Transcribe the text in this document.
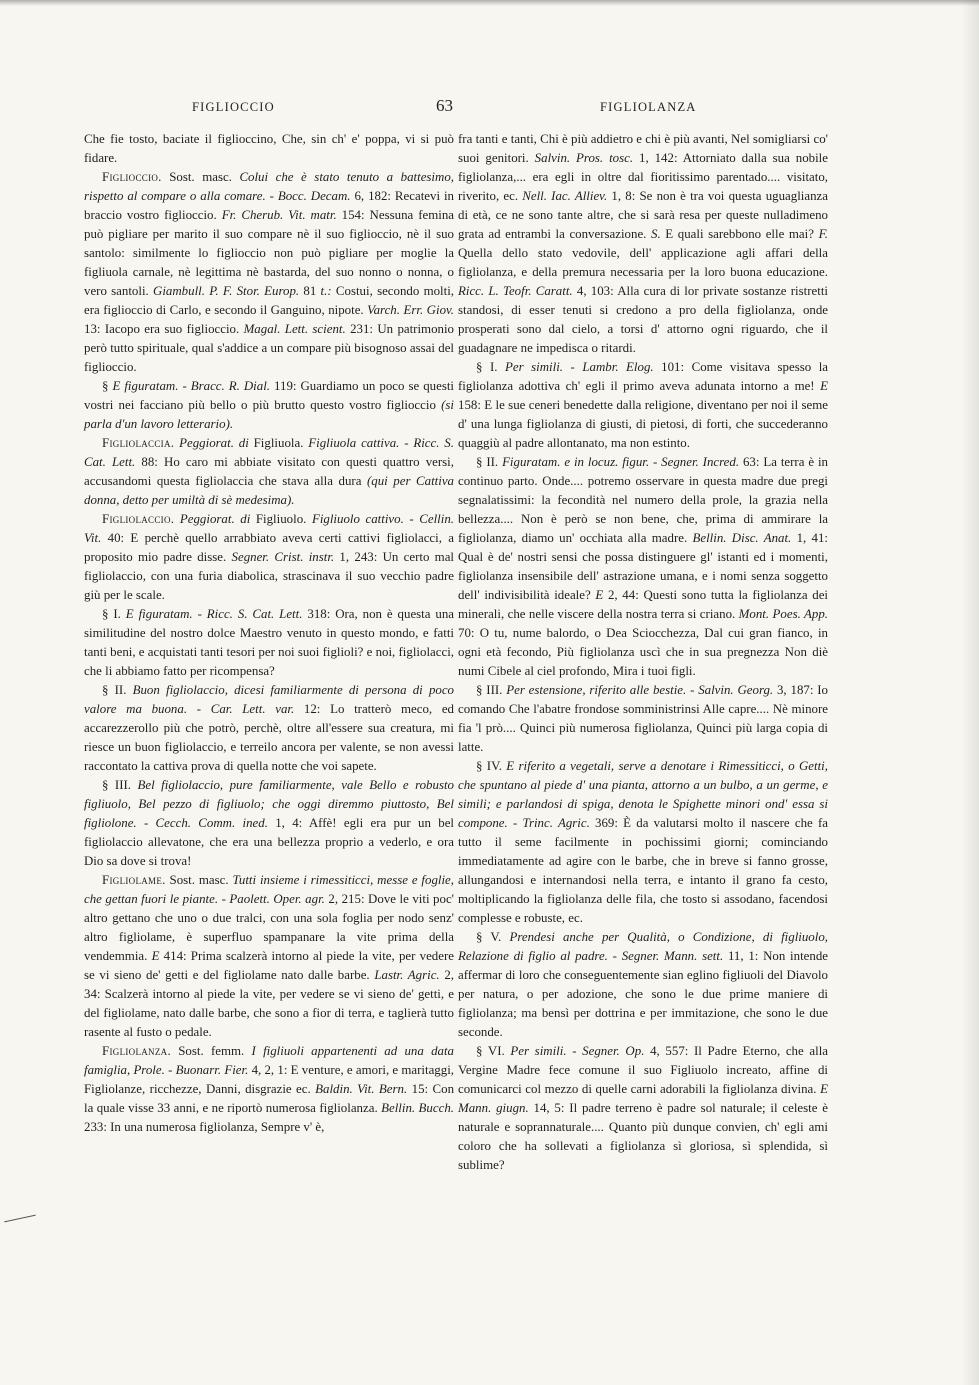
FIGLIOCCIO	63	FIGLIOLANZA

Che fie tosto, baciate il figlioccino, Che, sin ch' e' poppa, vi si può fidare.

Figlioccio. Sost. masc. Colui che è stato tenuto a battesimo, rispetto al compare o alla comare. - Bocc. Decam. 6, 182: Recatevi in braccio vostro figlioccio. Fr. Cherub. Vit. matr. 154: Nessuna femina può pigliare per marito il suo compare nè il suo figlioccio, nè il suo santolo: similmente lo figlioccio non può pigliare per moglie la figliuola carnale, nè legittima nè bastarda, del suo nonno o nonna, o vero santoli. Giambull. P. F. Stor. Europ. 81 t.: Costui, secondo molti, era figlioccio di Carlo, e secondo il Ganguino, nipote. Varch. Err. Giov. 13: Iacopo era suo figlioccio. Magal. Lett. scient. 231: Un patrimonio però tutto spirituale, qual s'addice a un compare più bisognoso assai del figlioccio.

§ E figuratam. - Bracc. R. Dial. 119: Guardiamo un poco se questi vostri nei facciano più bello o più brutto questo vostro figlioccio (si parla d'un lavoro letterario).

Figliolaccia. Peggiorat. di Figliuola. Figliuola cattiva. - Ricc. S. Cat. Lett. 88: Ho caro mi abbiate visitato con questi quattro versi, accusandomi questa figliolaccia che stava alla dura (qui per Cattiva donna, detto per umiltà di sè medesima).

Figliolaccio. Peggiorat. di Figliuolo. Figliuolo cattivo. - Cellin. Vit. 40: E perchè quello arrabbiato aveva certi cattivi figliolacci, a proposito mio padre disse. Segner. Crist. instr. 1, 243: Un certo mal figliolaccio, con una furia diabolica, strascinava il suo vecchio padre giù per le scale.

§ I. E figuratam. - Ricc. S. Cat. Lett. 318: Ora, non è questa una similitudine del nostro dolce Maestro venuto in questo mondo, e fatti tanti beni, e acquistati tanti tesori per noi suoi figlioli? e noi, figliolacci, che li abbiamo fatto per ricompensa?

§ II. Buon figliolaccio, dicesi familiarmente di persona di poco valore ma buona. - Car. Lett. var. 12: Lo tratterò meco, ed accarezzerollo più che potrò, perchè, oltre all'essere sua creatura, mi riesce un buon figliolaccio, e terreilo ancora per valente, se non avessi raccontato la cattiva prova di quella notte che voi sapete.

§ III. Bel figliolaccio, pure familiarmente, vale Bello e robusto figliuolo, Bel pezzo di figliuolo; che oggi diremmo piuttosto, Bel figliolone. - Cecch. Comm. ined. 1, 4: Affè! egli era pur un bel figliolaccio allevatone, che era una bellezza proprio a vederlo, e ora Dio sa dove si trova!

Figliolame. Sost. masc. Tutti insieme i rimessiticci, messe e foglie, che gettan fuori le piante. - Paolett. Oper. agr. 2, 215: Dove le viti poc' altro gettano che uno o due tralci, con una sola foglia per nodo senz' altro figliolame, è superfluo spampanare la vite prima della vendemmia. E 414: Prima scalzerà intorno al piede la vite, per vedere se vi sieno de' getti e del figliolame nato dalle barbe. Lastr. Agric. 2, 34: Scalzerà intorno al piede la vite, per vedere se vi sieno de' getti, e del figliolame, nato dalle barbe, che sono a fior di terra, e taglierà tutto rasente al fusto o pedale.

Figliolanza. Sost. femm. I figliuoli appartenenti ad una data famiglia, Prole. - Buonarr. Fier. 4, 2, 1: E venture, e amori, e maritaggi, Figliolanze, ricchezze, Danni, disgrazie ec. Baldin. Vit. Bern. 15: Con la quale visse 33 anni, e ne riportò numerosa figliolanza. Bellin. Bucch. 233: In una numerosa figliolanza, Sempre v' è,

fra tanti e tanti, Chi è più addietro e chi è più avanti, Nel somigliarsi co' suoi genitori. Salvin. Pros. tosc. 1, 142: Attorniato dalla sua nobile figliolanza,... era egli in oltre dal fioritissimo parentado.... visitato, riverito, ec. Nell. Iac. Alliev. 1, 8: Se non è tra voi questa uguaglianza di età, ce ne sono tante altre, che si sarà resa per queste nulladimeno grata ad entrambi la conversazione. S. E quali sarebbono elle mai? F. Quella dello stato vedovile, dell' applicazione agli affari della figliolanza, e della premura necessaria per la loro buona educazione. Ricc. L. Teofr. Caratt. 4, 103: Alla cura di lor private sostanze ristretti standosi, di esser tenuti si credono a pro della figliolanza, onde prosperati sono dal cielo, a torsi d' attorno ogni riguardo, che il guadagnare ne impedisca o ritardi.

§ I. Per simili. - Lambr. Elog. 101: Come visitava spesso la figliolanza adottiva ch' egli il primo aveva adunata intorno a me! E 158: E le sue ceneri benedette dalla religione, diventano per noi il seme d' una lunga figliolanza di giusti, di pietosi, di forti, che succederanno quaggiù al padre allontanato, ma non estinto.

§ II. Figuratam. e in locuz. figur. - Segner. Incred. 63: La terra è in continuo parto. Onde.... potremo osservare in questa madre due pregi segnalatissimi: la fecondità nel numero della prole, la grazia nella bellezza.... Non è però se non bene, che, prima di ammirare la figliolanza, diamo un' occhiata alla madre. Bellin. Disc. Anat. 1, 41: Qual è de' nostri sensi che possa distinguere gl' istanti ed i momenti, figliolanza insensibile dell' astrazione umana, e i nomi senza soggetto dell' indivisibilità ideale? E 2, 44: Questi sono tutta la figliolanza dei minerali, che nelle viscere della nostra terra si criano. Mont. Poes. App. 70: O tu, nume balordo, o Dea Sciocchezza, Dal cui gran fianco, in ogni età fecondo, Più figliolanza uscì che in sua pregnezza Non diè numi Cibele al ciel profondo, Mira i tuoi figli.

§ III. Per estensione, riferito alle bestie. - Salvin. Georg. 3, 187: Io comando Che l'abatre frondose somministrinsi Alle capre.... Nè minore fia 'l prò.... Quinci più numerosa figliolanza, Quinci più larga copia di latte.

§ IV. E riferito a vegetali, serve a denotare i Rimessiticci, o Getti, che spuntano al piede d' una pianta, attorno a un bulbo, a un germe, e simili; e parlandosi di spiga, denota le Spighette minori ond' essa si compone. - Trinc. Agric. 369: È da valutarsi molto il nascere che fa tutto il seme facilmente in pochissimi giorni; cominciando immediatamente ad agire con le barbe, che in breve si fanno grosse, allungandosi e internandosi nella terra, e intanto il grano fa cesto, moltiplicando la figliolanza delle fila, che tosto si assodano, facendosi complesse e robuste, ec.

§ V. Prendesi anche per Qualità, o Condizione, di figliuolo, Relazione di figlio al padre. - Segner. Mann. sett. 11, 1: Non intende affermar di loro che conseguentemente sian eglino figliuoli del Diavolo per natura, o per adozione, che sono le due prime maniere di figliolanza; ma bensì per dottrina e per immitazione, che sono le due seconde.

§ VI. Per simili. - Segner. Op. 4, 557: Il Padre Eterno, che alla Vergine Madre fece comune il suo Figliuolo increato, affine di comunicarci col mezzo di quelle carni adorabili la figliolanza divina. E Mann. giugn. 14, 5: Il padre terreno è padre sol naturale; il celeste è naturale e soprannaturale.... Quanto più dunque convien, ch' egli ami coloro che ha sollevati a figliolanza sì gloriosa, sì splendida, sì sublime?
